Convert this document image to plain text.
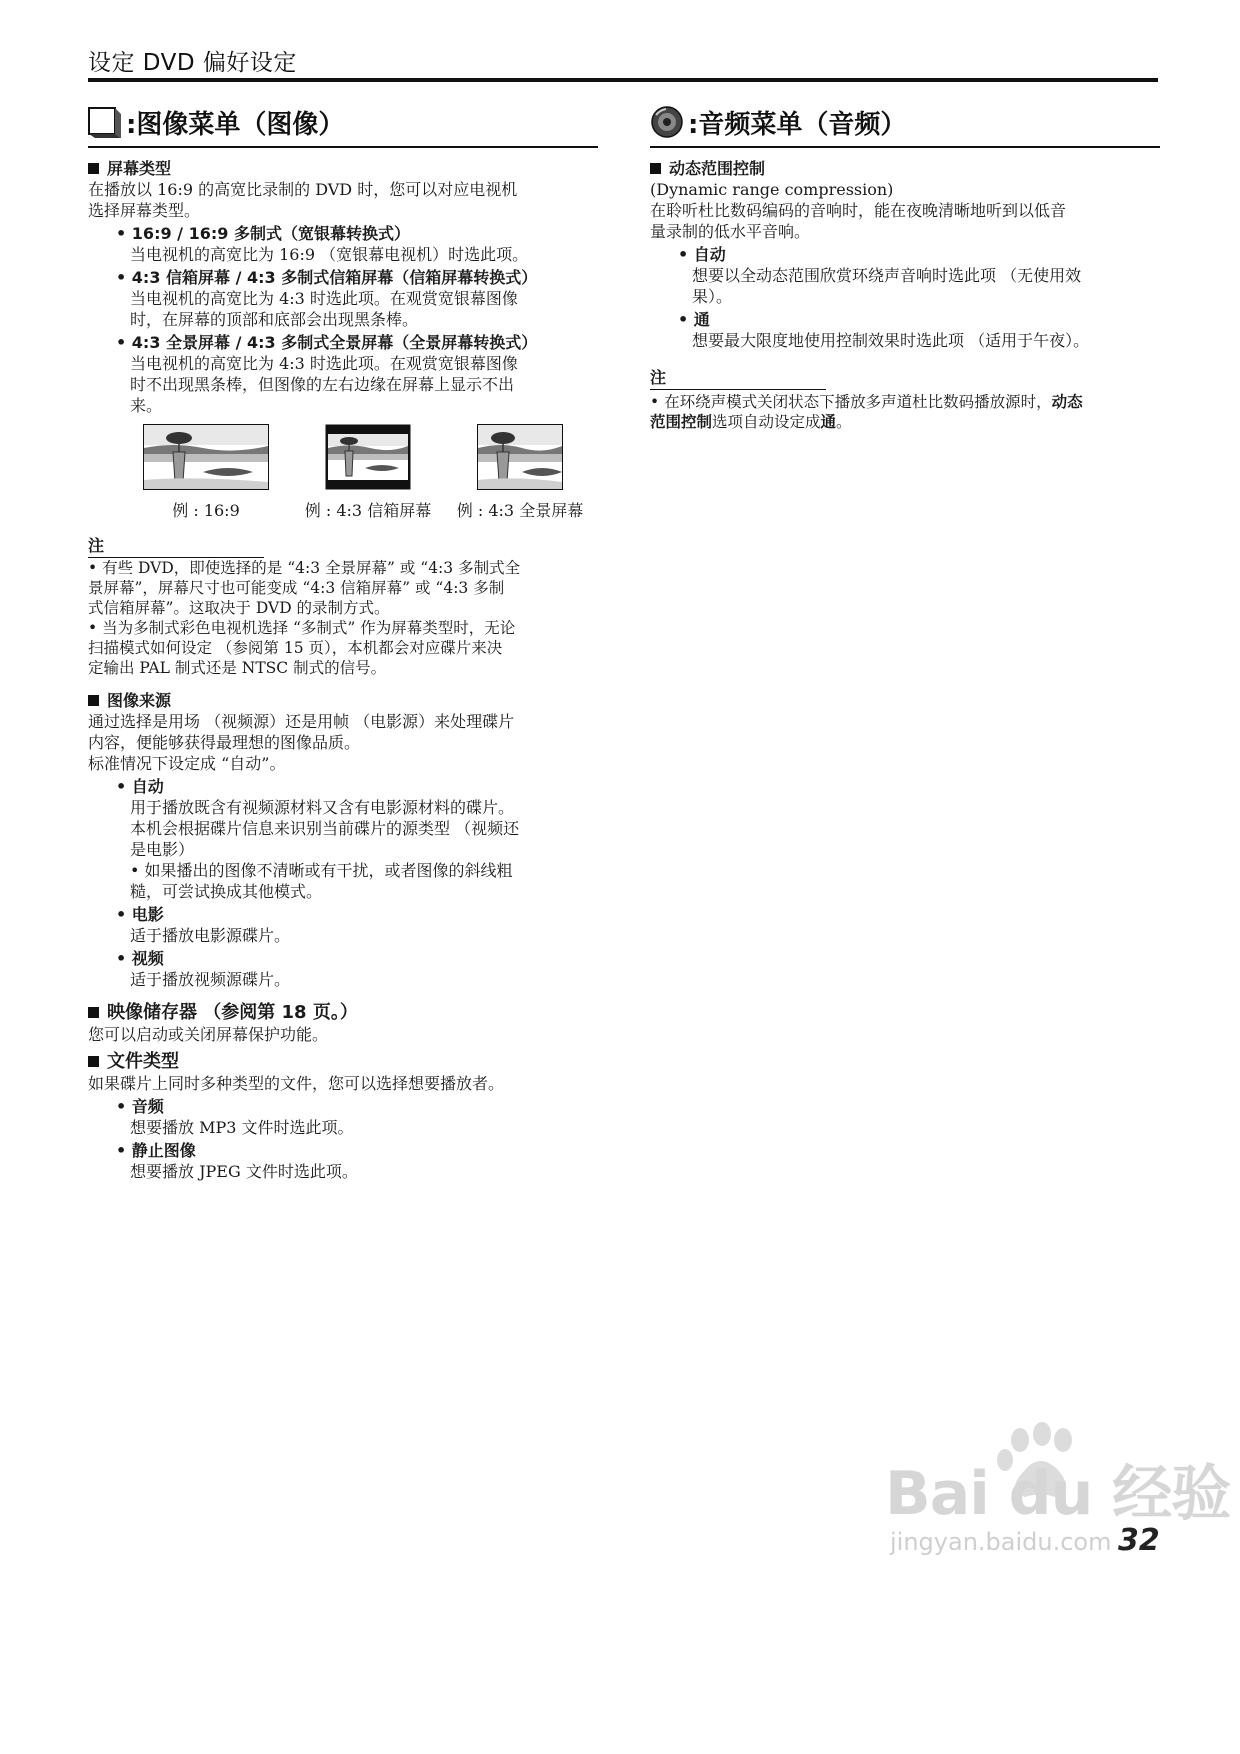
设定 DVD 偏好设定
:图像菜单（图像）
屏幕类型
在播放以 16:9 的高宽比录制的 DVD 时，您可以对应电视机
选择屏幕类型。
• 16:9 / 16:9 多制式（宽银幕转换式）
当电视机的高宽比为 16:9 （宽银幕电视机）时选此项。
• 4:3 信箱屏幕 / 4:3 多制式信箱屏幕（信箱屏幕转换式）
当电视机的高宽比为 4:3 时选此项。在观赏宽银幕图像
时，在屏幕的顶部和底部会出现黑条棒。
• 4:3 全景屏幕 / 4:3 多制式全景屏幕（全景屏幕转换式）
当电视机的高宽比为 4:3 时选此项。在观赏宽银幕图像
时不出现黑条棒，但图像的左右边缘在屏幕上显示不出
来。
例 : 16:9	例 : 4:3 信箱屏幕 例 : 4:3 全景屏幕
注
• 有些 DVD，即使选择的是 “4:3 全景屏幕” 或 “4:3 多制式全
景屏幕”，屏幕尺寸也可能变成 “4:3 信箱屏幕” 或 “4:3 多制
式信箱屏幕”。这取决于 DVD 的录制方式。
• 当为多制式彩色电视机选择 “多制式” 作为屏幕类型时，无论
扫描模式如何设定 （参阅第 15 页），本机都会对应碟片来决
定输出 PAL 制式还是 NTSC 制式的信号。
图像来源
通过选择是用场 （视频源）还是用帧 （电影源）来处理碟片
内容，便能够获得最理想的图像品质。
标准情况下设定成 “自动”。
• 自动
用于播放既含有视频源材料又含有电影源材料的碟片。
本机会根据碟片信息来识别当前碟片的源类型 （视频还
是电影）
• 如果播出的图像不清晰或有干扰，或者图像的斜线粗
糙，可尝试换成其他模式。
• 电影
适于播放电影源碟片。
• 视频
适于播放视频源碟片。
映像储存器 （参阅第 18 页。）
您可以启动或关闭屏幕保护功能。
文件类型
如果碟片上同时多种类型的文件，您可以选择想要播放者。
• 音频
想要播放 MP3 文件时选此项。
• 静止图像
想要播放 JPEG 文件时选此项。
:音频菜单（音频）
动态范围控制
(Dynamic range compression)
在聆听杜比数码编码的音响时，能在夜晚清晰地听到以低音
量录制的低水平音响。
• 自动
想要以全动态范围欣赏环绕声音响时选此项 （无使用效
果）。
• 通
想要最大限度地使用控制效果时选此项 （适用于午夜）。
注
• 在环绕声模式关闭状态下播放多声道杜比数码播放源时，动态
范围控制选项自动设定成通。
Bai du 经验
jingyan.baidu.com 32
